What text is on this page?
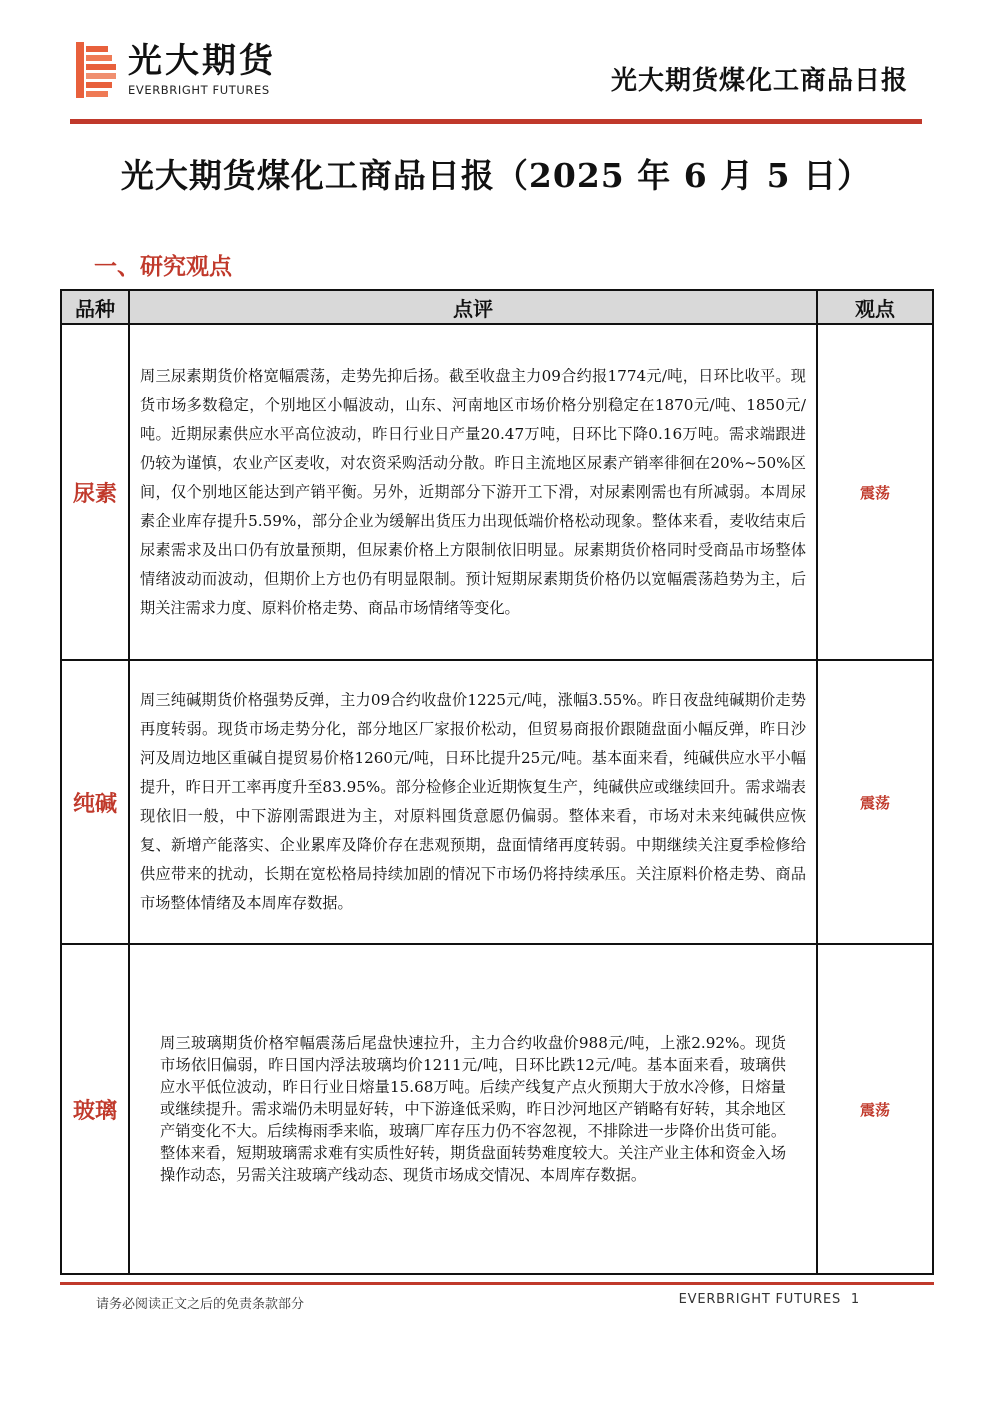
光大期货
EVERBRIGHT FUTURES	光大期货煤化工商品日报
光大期货煤化工商品日报（2025 年 6 月 5 日）
一、研究观点
品种	点评	观点
尿素	周三尿素期货价格宽幅震荡，走势先抑后扬。截至收盘主力09合约报1774元/吨，日环比收平。现货市场多数稳定，个别地区小幅波动，山东、河南地区市场价格分别稳定在1870元/吨、1850元/吨。近期尿素供应水平高位波动，昨日行业日产量20.47万吨，日环比下降0.16万吨。需求端跟进仍较为谨慎，农业产区麦收，对农资采购活动分散。昨日主流地区尿素产销率徘徊在20%~50%区间，仅个别地区能达到产销平衡。另外，近期部分下游开工下滑，对尿素刚需也有所减弱。本周尿素企业库存提升5.59%，部分企业为缓解出货压力出现低端价格松动现象。整体来看，麦收结束后尿素需求及出口仍有放量预期，但尿素价格上方限制依旧明显。尿素期货价格同时受商品市场整体情绪波动而波动，但期价上方也仍有明显限制。预计短期尿素期货价格仍以宽幅震荡趋势为主，后期关注需求力度、原料价格走势、商品市场情绪等变化。	震荡
纯碱	周三纯碱期货价格强势反弹，主力09合约收盘价1225元/吨，涨幅3.55%。昨日夜盘纯碱期价走势再度转弱。现货市场走势分化，部分地区厂家报价松动，但贸易商报价跟随盘面小幅反弹，昨日沙河及周边地区重碱自提贸易价格1260元/吨，日环比提升25元/吨。基本面来看，纯碱供应水平小幅提升，昨日开工率再度升至83.95%。部分检修企业近期恢复生产，纯碱供应或继续回升。需求端表现依旧一般，中下游刚需跟进为主，对原料囤货意愿仍偏弱。整体来看，市场对未来纯碱供应恢复、新增产能落实、企业累库及降价存在悲观预期，盘面情绪再度转弱。中期继续关注夏季检修给供应带来的扰动，长期在宽松格局持续加剧的情况下市场仍将持续承压。关注原料价格走势、商品市场整体情绪及本周库存数据。	震荡
玻璃	周三玻璃期货价格窄幅震荡后尾盘快速拉升，主力合约收盘价988元/吨，上涨2.92%。现货市场依旧偏弱，昨日国内浮法玻璃均价1211元/吨，日环比跌12元/吨。基本面来看，玻璃供应水平低位波动，昨日行业日熔量15.68万吨。后续产线复产点火预期大于放水冷修，日熔量或继续提升。需求端仍未明显好转，中下游逢低采购，昨日沙河地区产销略有好转，其余地区产销变化不大。后续梅雨季来临，玻璃厂库存压力仍不容忽视，不排除进一步降价出货可能。整体来看，短期玻璃需求难有实质性好转，期货盘面转势难度较大。关注产业主体和资金入场操作动态，另需关注玻璃产线动态、现货市场成交情况、本周库存数据。	震荡
请务必阅读正文之后的免责条款部分	EVERBRIGHT FUTURES 1
